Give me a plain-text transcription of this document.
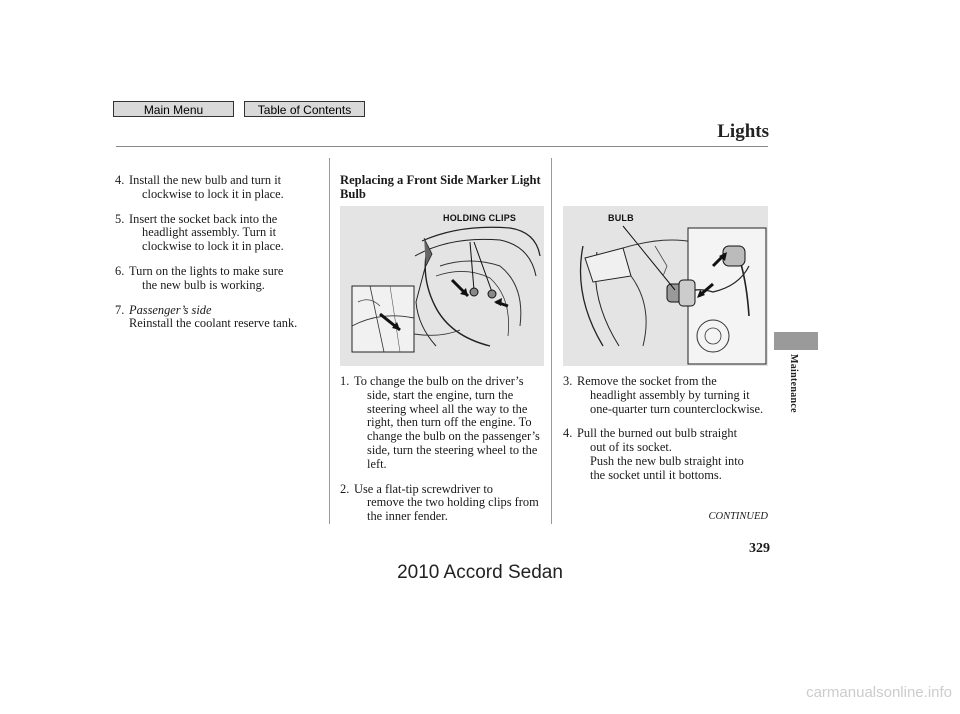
Main Menu	Table of Contents
Lights
4. Install the new bulb and turn it
clockwise to lock it in place.
5. Insert the socket back into the
headlight assembly. Turn it
clockwise to lock it in place.
6. Turn on the lights to make sure
the new bulb is working.
7. Passenger’s side
Reinstall the coolant reserve tank.
Replacing a Front Side Marker Light Bulb
HOLDING CLIPS	BULB
1. To change the bulb on the driver’s
side, start the engine, turn the
steering wheel all the way to the
right, then turn off the engine. To
change the bulb on the passenger’s
side, turn the steering wheel to the
left.
2. Use a flat-tip screwdriver to
remove the two holding clips from
the inner fender.
3. Remove the socket from the
headlight assembly by turning it
one-quarter turn counterclockwise.
4. Pull the burned out bulb straight
out of its socket.
Push the new bulb straight into
the socket until it bottoms.
CONTINUED
329
Maintenance
2010 Accord Sedan
carmanualsonline.info
